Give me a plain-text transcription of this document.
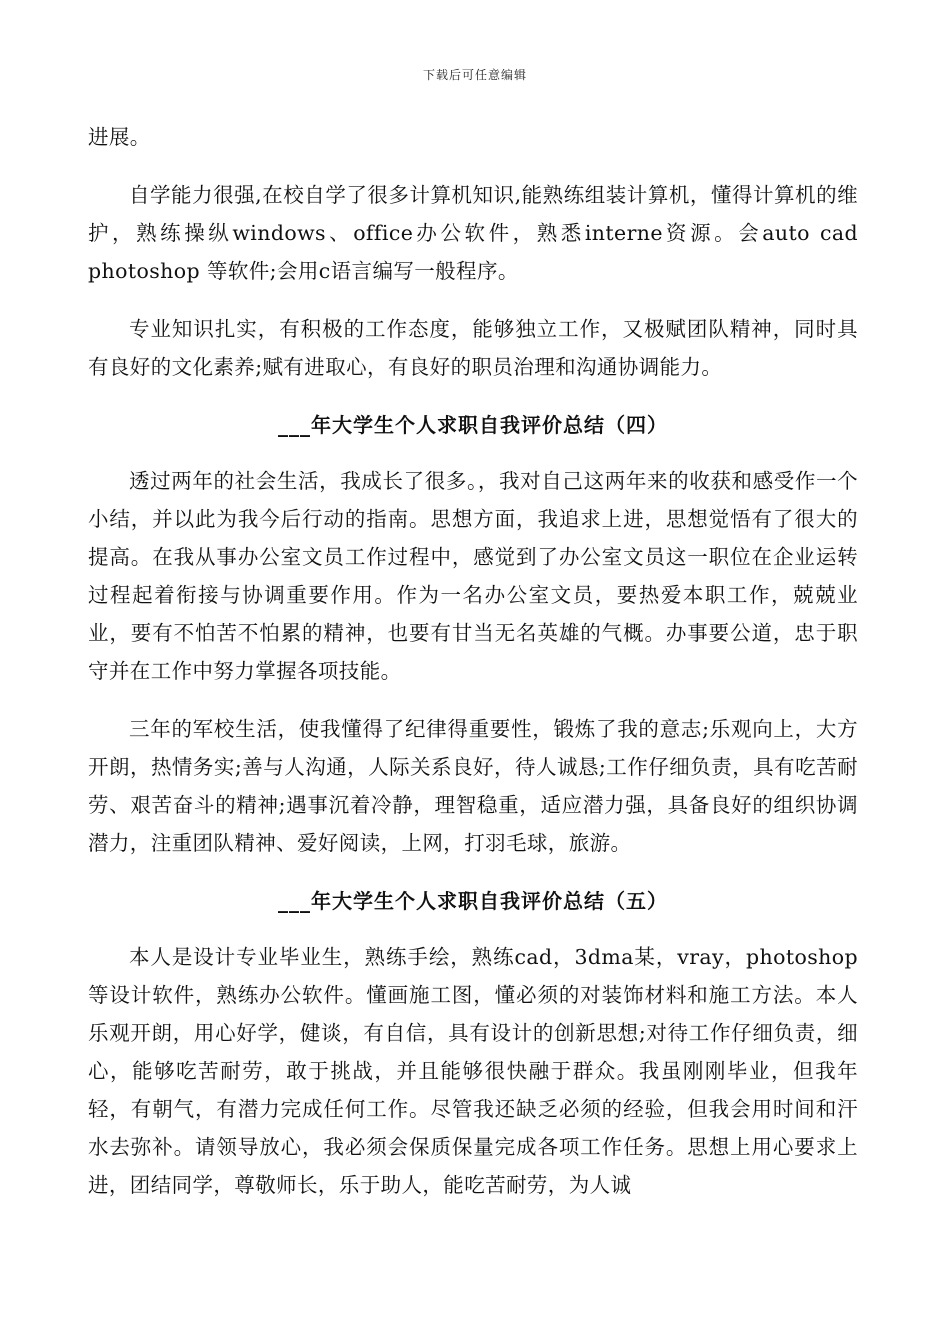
下载后可任意编辑

进展。

自学能力很强,在校自学了很多计算机知识,能熟练组装计算机，懂得计算机的维护，熟练操纵windows、office办公软件，熟悉interne资源。会auto cad photoshop 等软件;会用c语言编写一般程序。

专业知识扎实，有积极的工作态度，能够独立工作，又极赋团队精神，同时具有良好的文化素养;赋有进取心，有良好的职员治理和沟通协调能力。

___年大学生个人求职自我评价总结（四）

透过两年的社会生活，我成长了很多。，我对自己这两年来的收获和感受作一个小结，并以此为我今后行动的指南。思想方面，我追求上进，思想觉悟有了很大的提高。在我从事办公室文员工作过程中，感觉到了办公室文员这一职位在企业运转过程起着衔接与协调重要作用。作为一名办公室文员，要热爱本职工作，兢兢业业，要有不怕苦不怕累的精神，也要有甘当无名英雄的气概。办事要公道，忠于职守并在工作中努力掌握各项技能。

三年的军校生活，使我懂得了纪律得重要性，锻炼了我的意志;乐观向上，大方开朗，热情务实;善与人沟通，人际关系良好，待人诚恳;工作仔细负责，具有吃苦耐劳、艰苦奋斗的精神;遇事沉着冷静，理智稳重，适应潜力强，具备良好的组织协调潜力，注重团队精神、爱好阅读，上网，打羽毛球，旅游。

___年大学生个人求职自我评价总结（五）

本人是设计专业毕业生，熟练手绘，熟练cad，3dma某，vray，photoshop等设计软件，熟练办公软件。懂画施工图，懂必须的对装饰材料和施工方法。本人乐观开朗，用心好学，健谈，有自信，具有设计的创新思想;对待工作仔细负责，细心，能够吃苦耐劳，敢于挑战，并且能够很快融于群众。我虽刚刚毕业，但我年轻，有朝气，有潜力完成任何工作。尽管我还缺乏必须的经验，但我会用时间和汗水去弥补。请领导放心，我必须会保质保量完成各项工作任务。思想上用心要求上进，团结同学，尊敬师长，乐于助人，能吃苦耐劳，为人诚
